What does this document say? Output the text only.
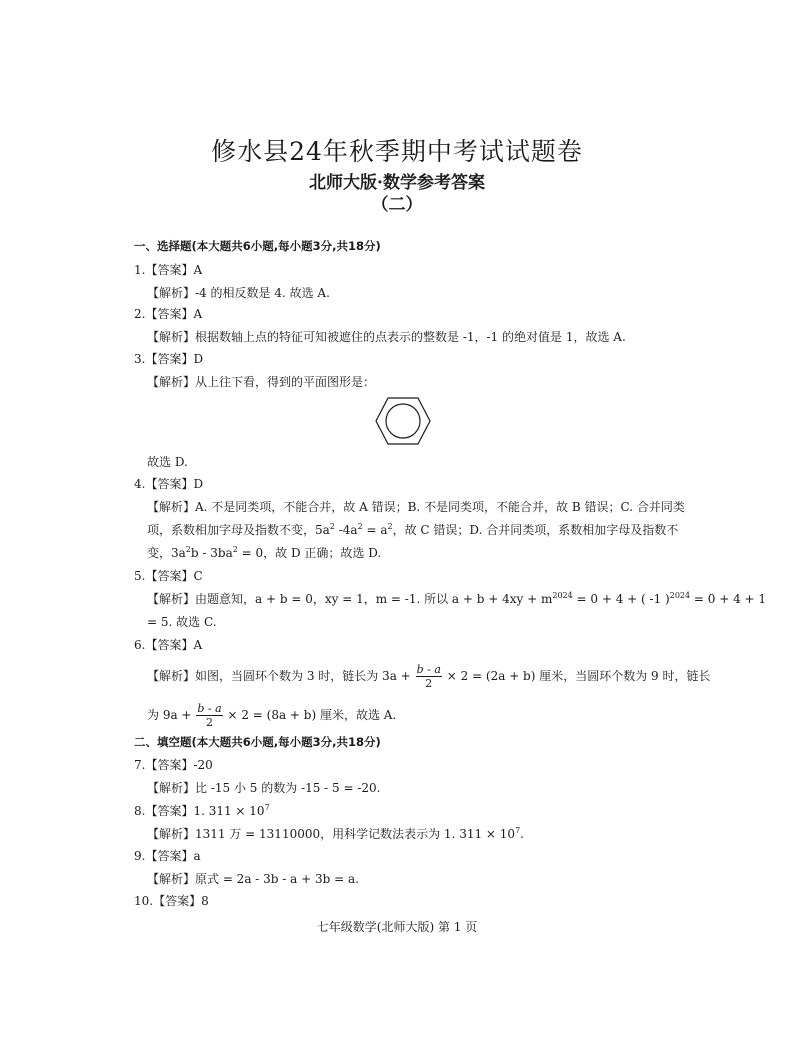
修水县24年秋季期中考试试题卷
北师大版·数学参考答案
（二）
一、选择题(本大题共6小题,每小题3分,共18分)
1.【答案】A
【解析】-4 的相反数是 4. 故选 A.
2.【答案】A
【解析】根据数轴上点的特征可知被遮住的点表示的整数是 -1，-1 的绝对值是 1，故选 A.
3.【答案】D
【解析】从上往下看，得到的平面图形是：
故选 D.
4.【答案】D
【解析】A. 不是同类项，不能合并，故 A 错误；B. 不是同类项，不能合并，故 B 错误；C. 合并同类
项，系数相加字母及指数不变，$5a^2$ $-4a^2 = a^2$，故 C 错误；D. 合并同类项，系数相加字母及指数不
变，$3a^2b - 3ba^2 = 0$，故 D 正确；故选 D.
5.【答案】C
【解析】由题意知，a + b = 0，xy = 1，m = -1. 所以 $a + b + 4xy + m^{2024} = 0 + 4$ + ( -1 )$^{2024}$ = 0 + 4 + 1
= 5. 故选 C.
6.【答案】A
【解析】如图，当圆环个数为 3 时，链长为 $3a + \frac{b - a}{2} \times 2 = (2a + b)$ 厘米，当圆环个数为 9 时，链长
为 $9a + \frac{b - a}{2} \times 2 = (8a + b)$ 厘米，故选 A.
二、填空题(本大题共6小题,每小题3分,共18分)
7.【答案】-20
【解析】比 -15 小 5 的数为 -15 - 5 = -20.
8.【答案】1. $311 \times 10^7$
【解析】1311 万 = 13110000，用科学记数法表示为 1. $311 \times 10^7$.
9.【答案】a
【解析】原式 = 2a - 3b - a + 3b = a.
10.【答案】8
七年级数学(北师大版) 第 1 页
